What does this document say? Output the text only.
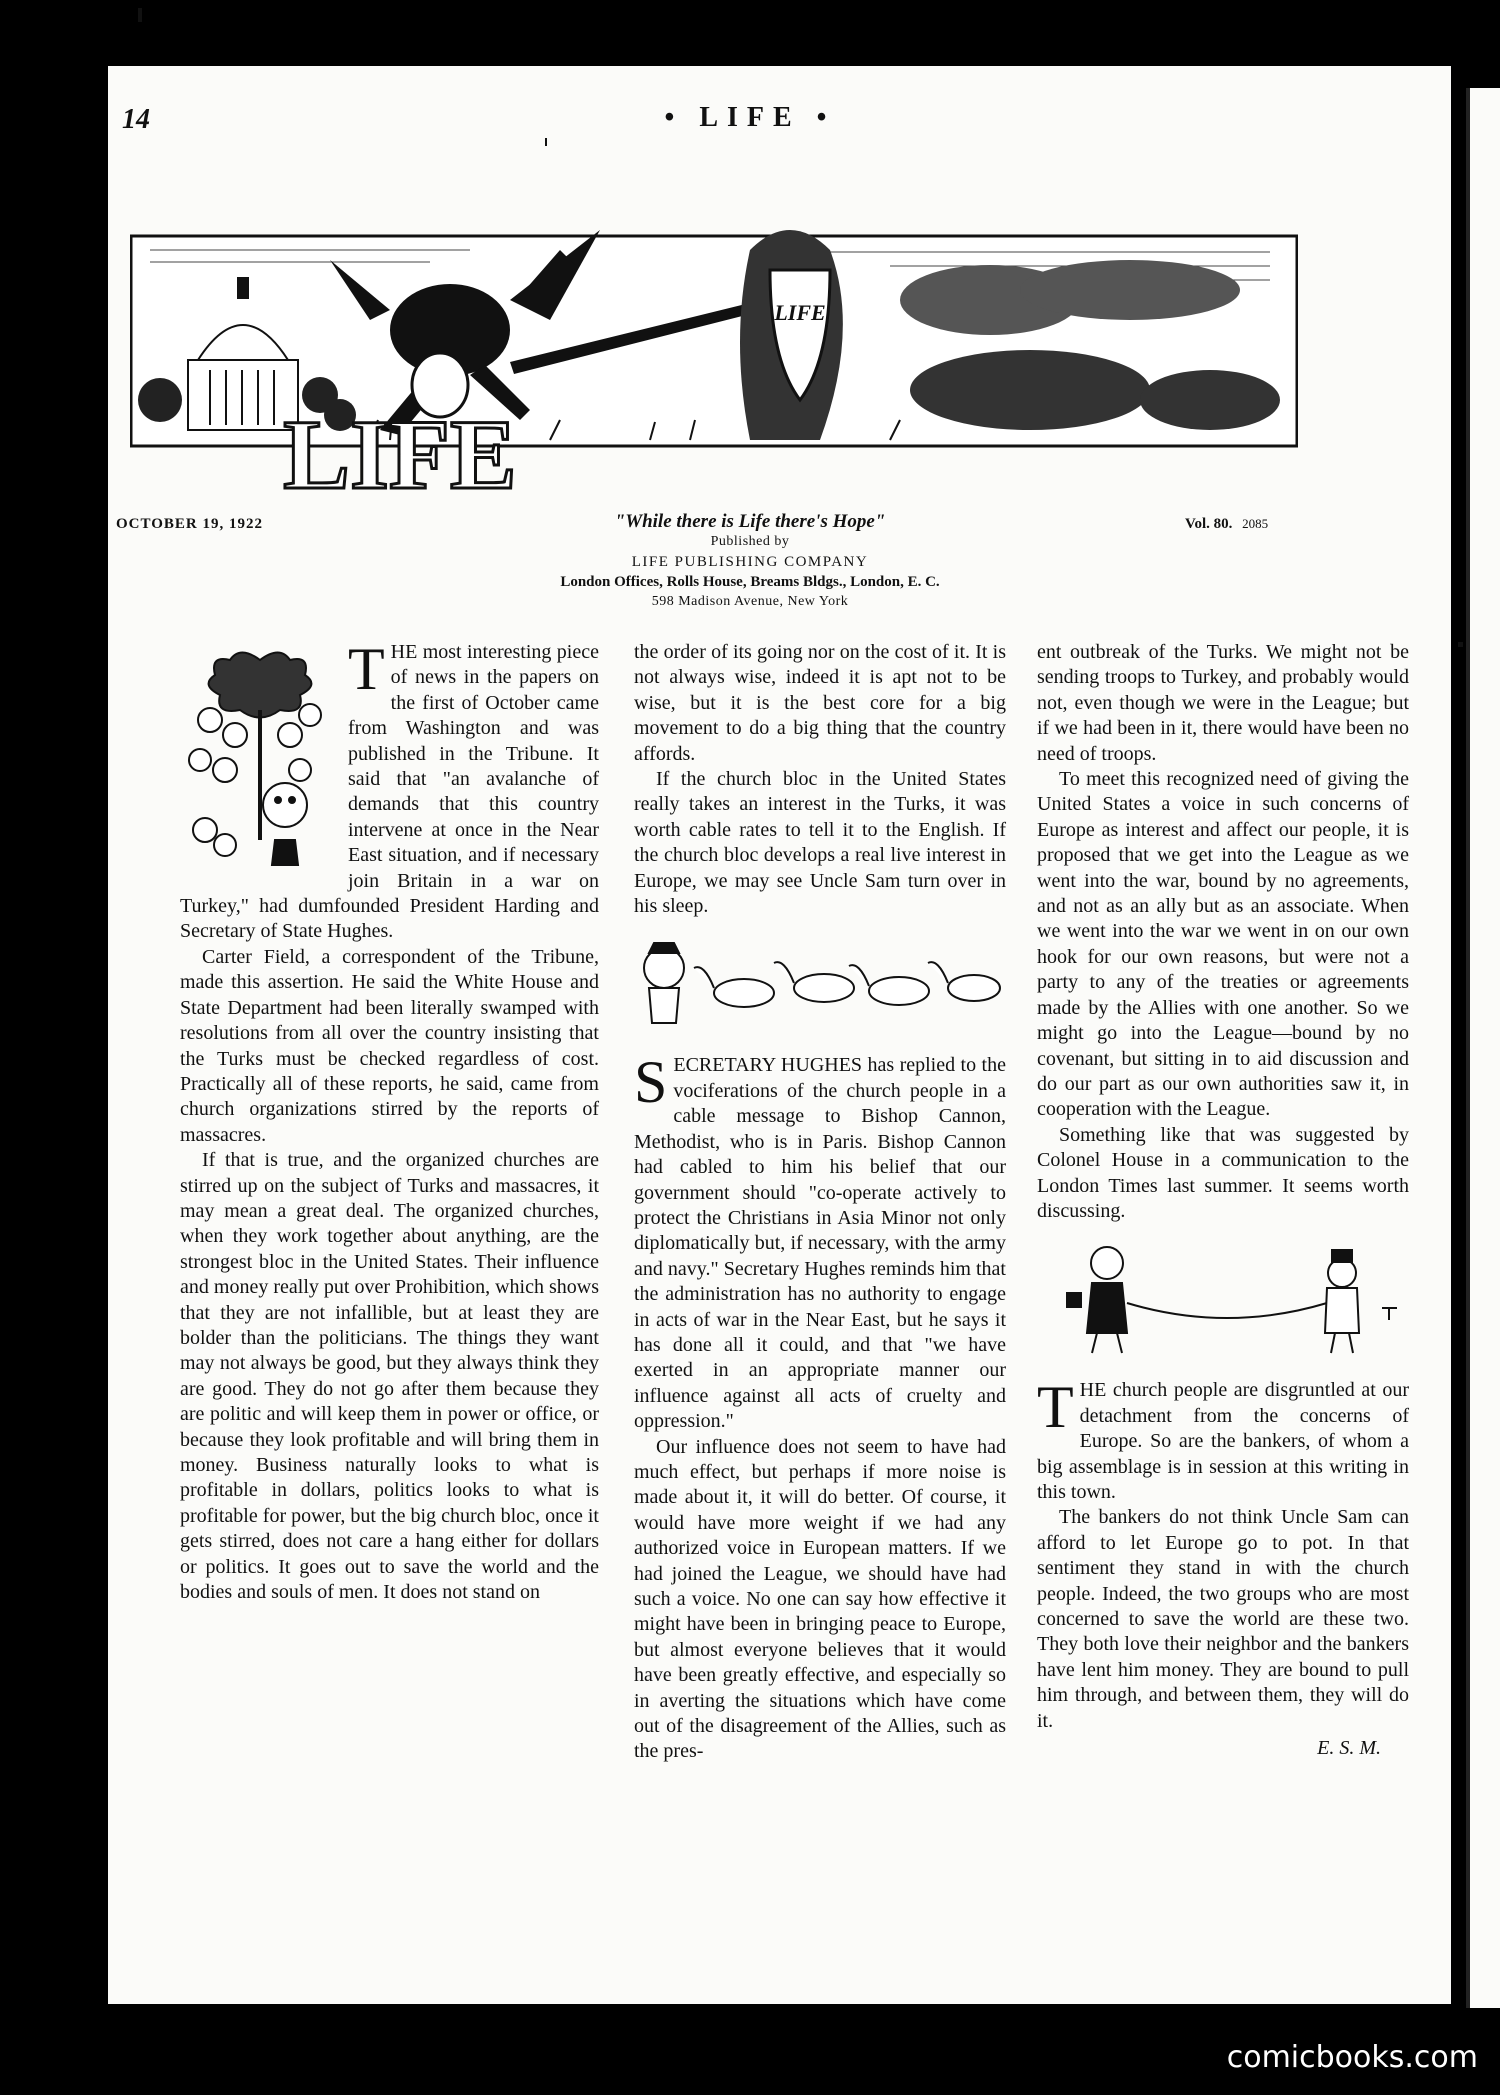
14	• LIFE •
LIFE
LIFE
OCTOBER 19, 1922	Vol. 80. 2085
"While there is Life there's Hope"
Published by
LIFE PUBLISHING COMPANY
London Offices, Rolls House, Breams Bldgs., London, E. C.
598 Madison Avenue, New York

THE most interesting piece of news in the papers on the first of October came from Washington and was published in the Tribune. It said that "an avalanche of demands that this country intervene at once in the Near East situation, and if necessary join Britain in a war on Turkey," had dumfounded President Harding and Secretary of State Hughes.

Carter Field, a correspondent of the Tribune, made this assertion. He said the White House and State Department had been literally swamped with resolutions from all over the country insisting that the Turks must be checked regardless of cost. Practically all of these reports, he said, came from church organizations stirred by the reports of massacres.

If that is true, and the organized churches are stirred up on the subject of Turks and massacres, it may mean a great deal. The organized churches, when they work together about anything, are the strongest bloc in the United States. Their influence and money really put over Prohibition, which shows that they are not infallible, but at least they are bolder than the politicians. The things they want may not always be good, but they always think they are good. They do not go after them because they are politic and will keep them in power or office, or because they look profitable and will bring them in money. Business naturally looks to what is profitable in dollars, politics looks to what is profitable for power, but the big church bloc, once it gets stirred, does not care a hang either for dollars or politics. It goes out to save the world and the bodies and souls of men. It does not stand on

the order of its going nor on the cost of it. It is not always wise, indeed it is apt not to be wise, but it is the best core for a big movement to do a big thing that the country affords.

If the church bloc in the United States really takes an interest in the Turks, it was worth cable rates to tell it to the English. If the church bloc develops a real live interest in Europe, we may see Uncle Sam turn over in his sleep.

SECRETARY HUGHES has replied to the vociferations of the church people in a cable message to Bishop Cannon, Methodist, who is in Paris. Bishop Cannon had cabled to him his belief that our government should "co-operate actively to protect the Christians in Asia Minor not only diplomatically but, if necessary, with the army and navy." Secretary Hughes reminds him that the administration has no authority to engage in acts of war in the Near East, but he says it has done all it could, and that "we have exerted in an appropriate manner our influence against all acts of cruelty and oppression."

Our influence does not seem to have had much effect, but perhaps if more noise is made about it, it will do better. Of course, it would have more weight if we had any authorized voice in European matters. If we had joined the League, we should have had such a voice. No one can say how effective it might have been in bringing peace to Europe, but almost everyone believes that it would have been greatly effective, and especially so in averting the situations which have come out of the disagreement of the Allies, such as the pres-

ent outbreak of the Turks. We might not be sending troops to Turkey, and probably would not, even though we were in the League; but if we had been in it, there would have been no need of troops.

To meet this recognized need of giving the United States a voice in such concerns of Europe as interest and affect our people, it is proposed that we get into the League as we went into the war, bound by no agreements, and not as an ally but as an associate. When we went into the war we went in on our own hook for our own reasons, but were not a party to any of the treaties or agreements made by the Allies with one another. So we might go into the League—bound by no covenant, but sitting in to aid discussion and do our part as our own authorities saw it, in cooperation with the League.

Something like that was suggested by Colonel House in a communication to the London Times last summer. It seems worth discussing.

THE church people are disgruntled at our detachment from the concerns of Europe. So are the bankers, of whom a big assemblage is in session at this writing in this town.

The bankers do not think Uncle Sam can afford to let Europe go to pot. In that sentiment they stand in with the church people. Indeed, the two groups who are most concerned to save the world are these two. They both love their neighbor and the bankers have lent him money. They are bound to pull him through, and between them, they will do it.

E. S. M.
comicbooks.com
